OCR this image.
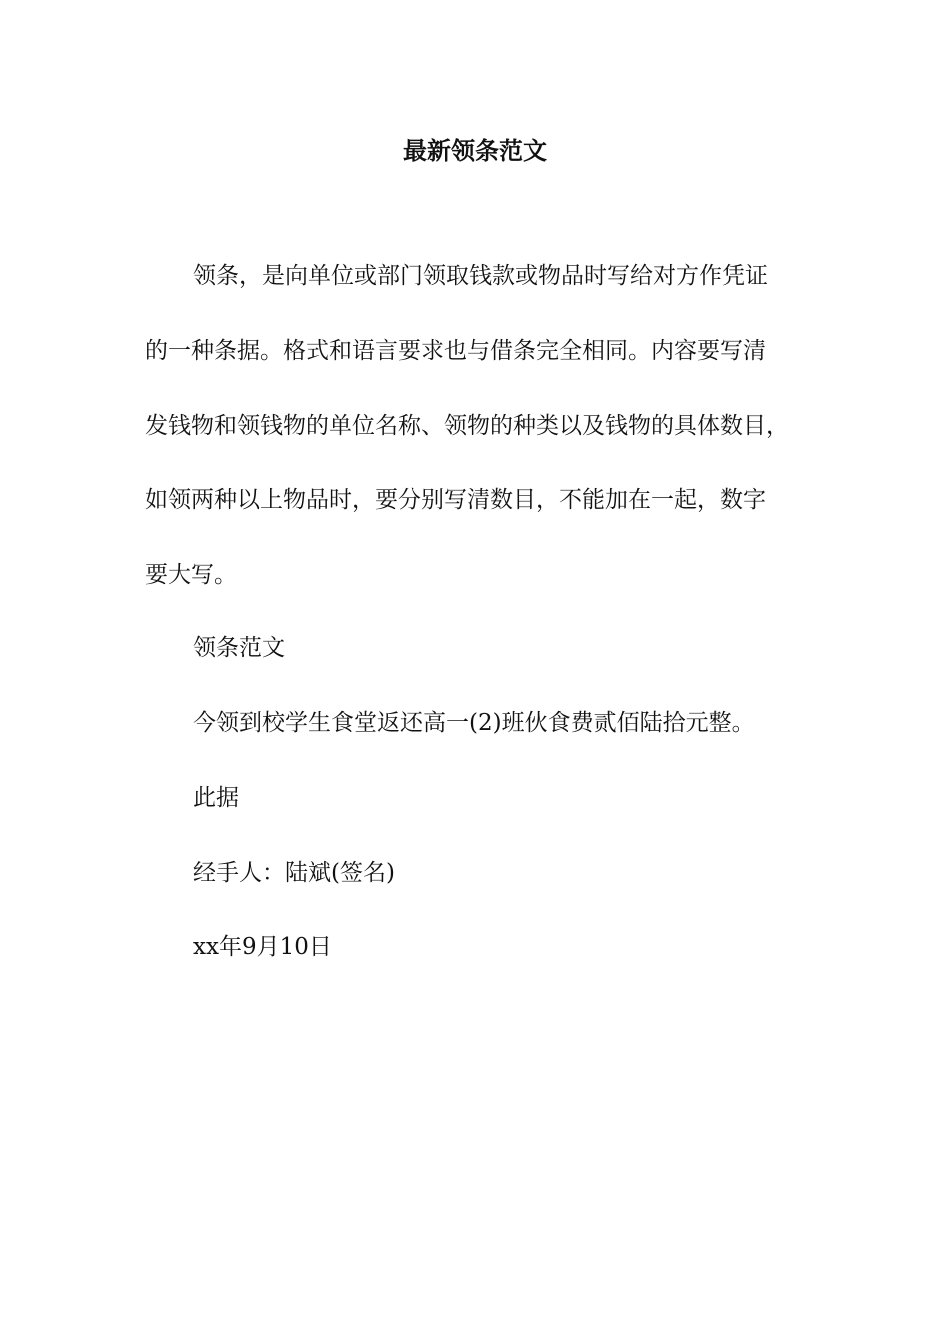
最新领条范文
领条，是向单位或部门领取钱款或物品时写给对方作凭证
的一种条据。格式和语言要求也与借条完全相同。内容要写清
发钱物和领钱物的单位名称、领物的种类以及钱物的具体数目，
如领两种以上物品时，要分别写清数目，不能加在一起，数字
要大写。
领条范文
今领到校学生食堂返还高一(2)班伙食费贰佰陆拾元整。
此据
经手人：陆斌(签名)
xx年9月10日
